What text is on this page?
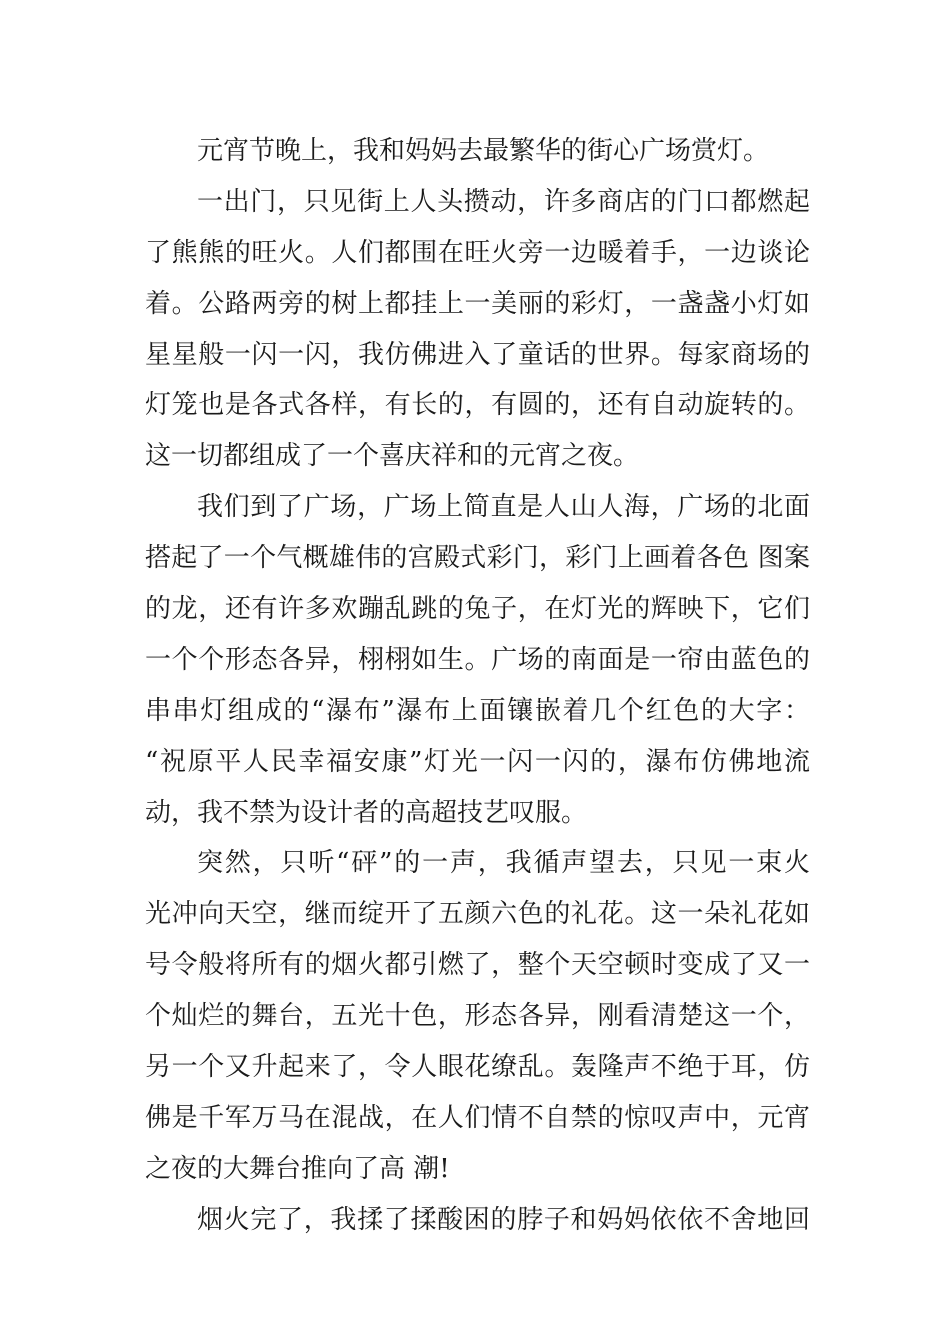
元宵节晚上，我和妈妈去最繁华的街心广场赏灯。
一出门，只见街上人头攒动，许多商店的门口都燃起
了熊熊的旺火。人们都围在旺火旁一边暖着手，一边谈论
着。公路两旁的树上都挂上一美丽的彩灯，一盏盏小灯如
星星般一闪一闪，我仿佛进入了童话的世界。每家商场的
灯笼也是各式各样，有长的，有圆的，还有自动旋转的。
这一切都组成了一个喜庆祥和的元宵之夜。
我们到了广场，广场上简直是人山人海，广场的北面
搭起了一个气概雄伟的宫殿式彩门，彩门上画着各色 图案
的龙，还有许多欢蹦乱跳的兔子，在灯光的辉映下，它们
一个个形态各异，栩栩如生。广场的南面是一帘由蓝色的
串串灯组成的“瀑布”瀑布上面镶嵌着几个红色的大字：
“祝原平人民幸福安康”灯光一闪一闪的，瀑布仿佛地流
动，我不禁为设计者的高超技艺叹服。
突然，只听“砰”的一声，我循声望去，只见一束火
光冲向天空，继而绽开了五颜六色的礼花。这一朵礼花如
号令般将所有的烟火都引燃了，整个天空顿时变成了又一
个灿烂的舞台，五光十色，形态各异，刚看清楚这一个，
另一个又升起来了，令人眼花缭乱。轰隆声不绝于耳，仿
佛是千军万马在混战，在人们情不自禁的惊叹声中，元宵
之夜的大舞台推向了高 潮!
烟火完了，我揉了揉酸困的脖子和妈妈依依不舍地回
